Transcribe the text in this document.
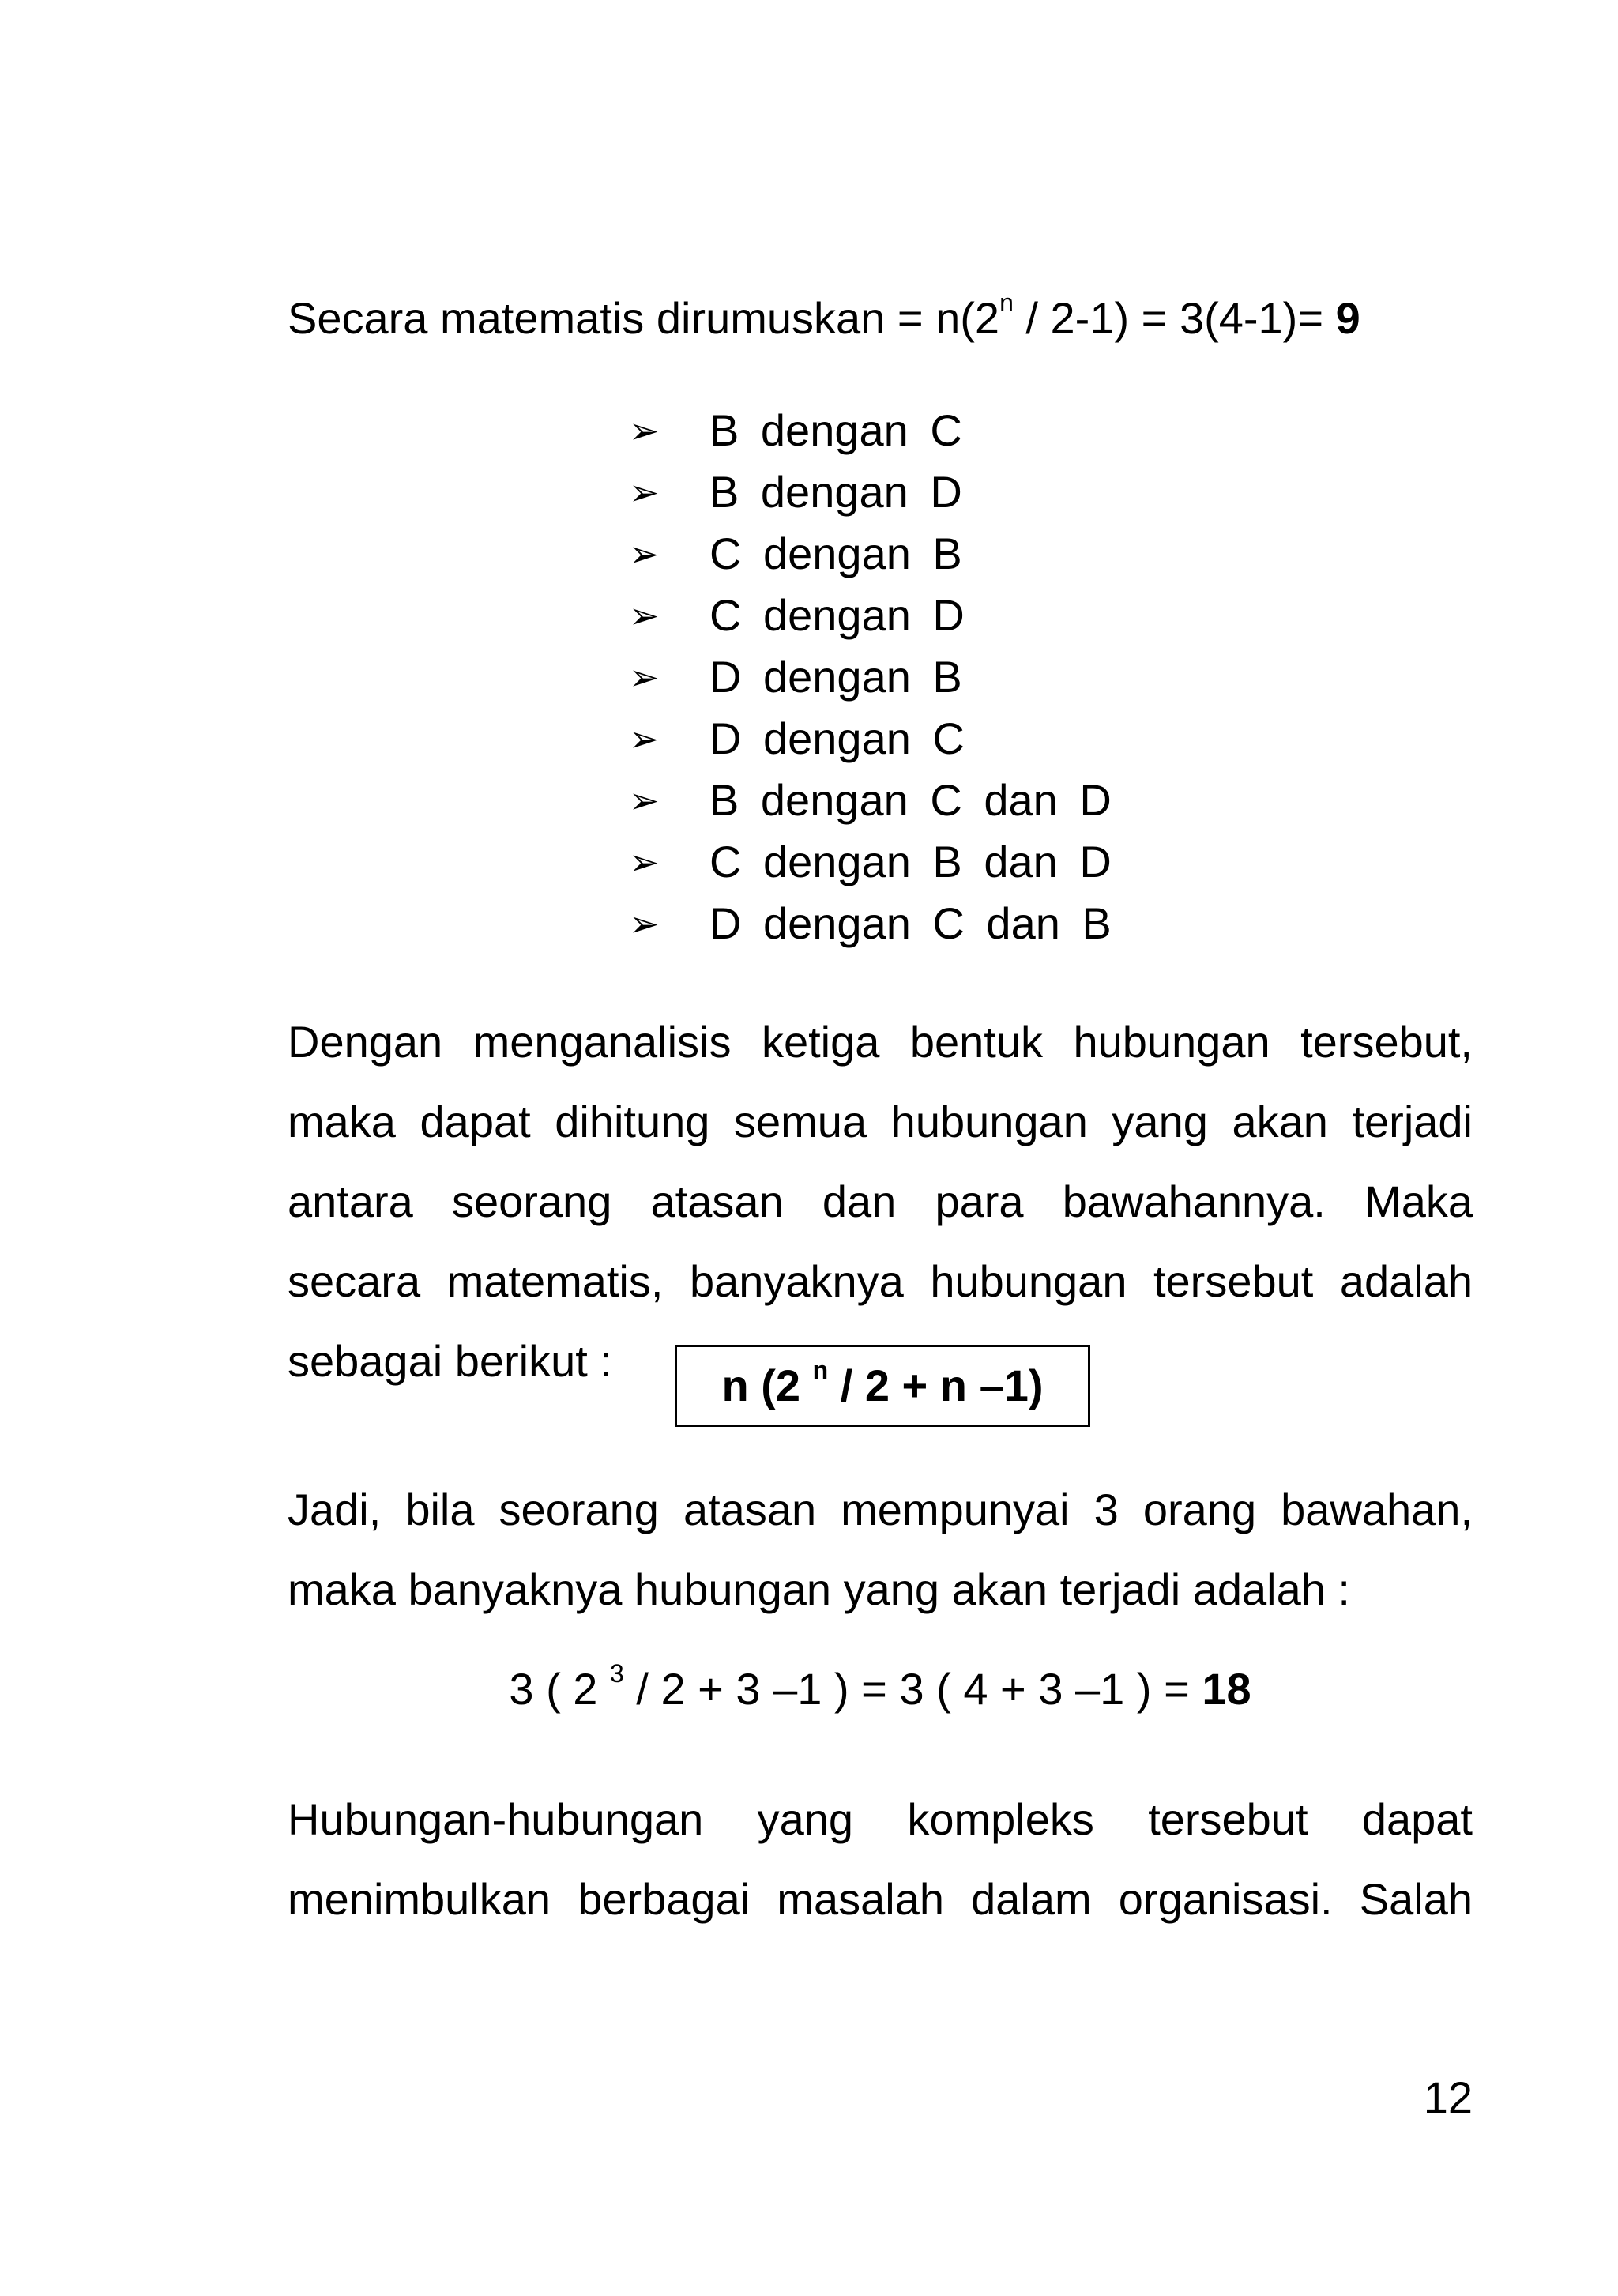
Secara matematis dirumuskan = $n(2^n / 2-1) = 3(4-1)= 9$
➢ B dengan C
➢ B dengan D
➢ C dengan B
➢ C dengan D
➢ D dengan B
➢ D dengan C
➢ B dengan C dan D
➢ C dengan B dan D
➢ D dengan C dan B
Dengan menganalisis ketiga bentuk hubungan tersebut,
maka dapat dihitung semua hubungan yang akan terjadi
antara seorang atasan dan para bawahannya. Maka
secara matematis, banyaknya hubungan tersebut adalah
sebagai berikut :	n (2 $^n$ / 2 + n –1)
Jadi, bila seorang atasan mempunyai 3 orang bawahan,
maka banyaknya hubungan yang akan terjadi adalah :
3 ( 2 $^3$ / 2 + 3 –1 ) = 3 ( 4 + 3 –1 ) = 18
Hubungan-hubungan yang kompleks tersebut dapat
menimbulkan berbagai masalah dalam organisasi. Salah
12
